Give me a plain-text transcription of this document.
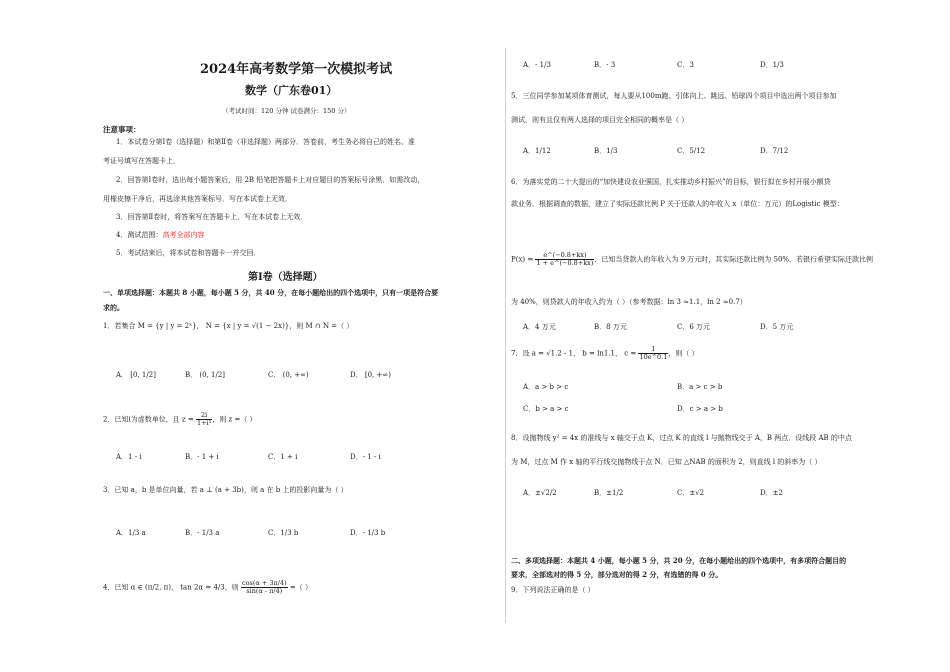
2024年高考数学第一次模拟考试
数学（广东卷01）
（考试时间：120 分钟 试卷满分：150 分）
注意事项：
1．本试卷分第Ⅰ卷（选择题）和第Ⅱ卷（非选择题）两部分．答卷前，考生务必将自己的姓名、准
考证号填写在答题卡上．
2．回答第Ⅰ卷时，选出每小题答案后，用 2B 铅笔把答题卡上对应题目的答案标号涂黑．如需改动，
用橡皮擦干净后，再选涂其他答案标号．写在本试卷上无效．
3．回答第Ⅱ卷时，将答案写在答题卡上．写在本试卷上无效．
4．测试范围：高考全部内容
5．考试结束后，将本试卷和答题卡一并交回．
第Ⅰ卷（选择题）
一、单项选择题：本题共 8 小题，每小题 5 分，共 40 分，在每小题给出的四个选项中，只有一项是符合要
求的。
1．若集合 M = {y | y = 2ˣ}， N = {x | y = √(1 − 2x)}，则 M ∩ N =（ ）
A． [0, 1/2]	B． (0, 1/2]	C． (0, +∞)	D． [0, +∞)
2．已知i为虚数单位，且 $z = \frac{2i}{\text{1+i³}}$ ，则 z =（ ）
A．1 - i	B．- 1 + i	C．1 + i	D．- 1 - i
3．已知 a，b 是单位向量，若 a ⊥ (a + 3b)，则 a 在 b 上的投影向量为（ ）
A．1/3 a	B．- 1/3 a	C．1/3 b	D．- 1/3 b
4．已知 α ∈ (π/2, π)， tan 2α = 4/3，则 $\frac{\cos(\alpha + 3\pi/4)}{\sin(\alpha - \pi/4)}$ =（ ）
A．- 1/3	B．- 3	C．3	D．1/3
5．三位同学参加某项体育测试，每人要从100m跑、引体向上、跳远、铅球四个项目中选出两个项目参加
测试，则有且仅有两人选择的项目完全相同的概率是（ ）
A．1/12	B．1/3	C．5/12	D．7/12
6．为落实党的二十大提出的“加快建设农业强国，扎实推动乡村振兴”的目标，银行拟在乡村开展小额贷
款业务．根据调查的数据，建立了实际还款比例 P 关于还款人的年收入 x（单位：万元）的Logistic 模型：
$P(x) = \frac{e\^{}(-0.8+kx)}{1 + e\^{}(-0.8+kx)}$ ．已知当贷款人的年收入为 9 万元时，其实际还款比例为 50%．若银行希望实际还款比例
为 40%，则贷款人的年收入约为（ ）（参考数据：ln 3 ≈1.1，ln 2 ≈0.7）
A．4 万元	B．8 万元	C．6 万元	D．5 万元
7．设 a = √1.2 - 1， b = ln1.1， $c = \frac{1}{10e\^{}0.1}$ ，则（ ）
A．a > b > c	B．a > c > b
C．b > a > c	D．c > a > b
8．设抛物线 y² = 4x 的准线与 x 轴交于点 K，过点 K 的直线 l 与抛物线交于 A，B 两点．设线段 AB 的中点
为 M，过点 M 作 x 轴的平行线交抛物线于点 N．已知 △NAB 的面积为 2，则直线 l 的斜率为（ ）
A．±√2/2	B．±1/2	C．±√2	D．±2
二、多项选择题：本题共 4 小题，每小题 5 分，共 20 分，在每小题给出的四个选项中，有多项符合题目的
要求，全部选对的得 5 分，部分选对的得 2 分，有选错的得 0 分。
9．下列说法正确的是（ ）
